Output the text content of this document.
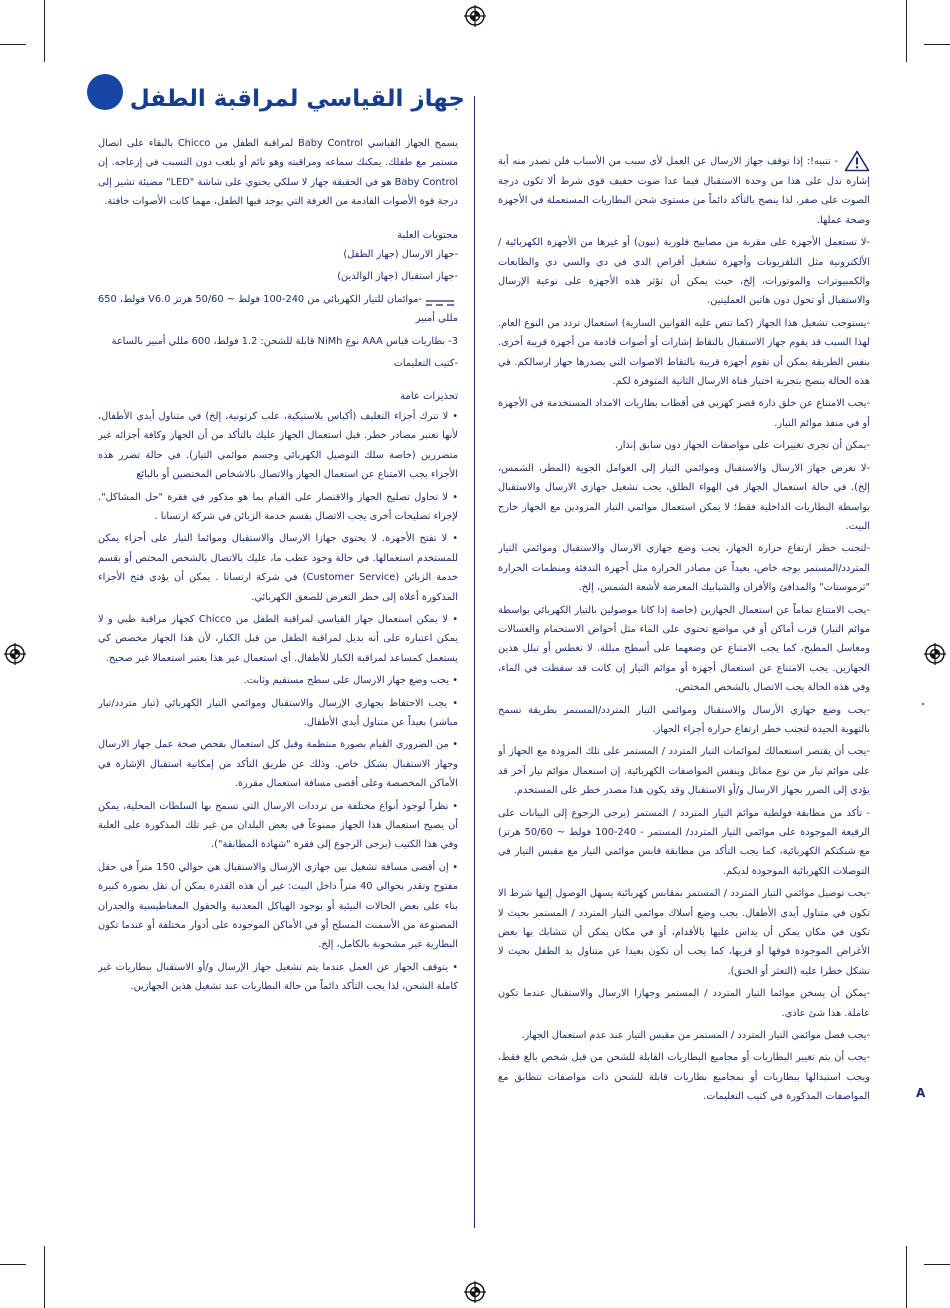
جهاز القياسي لمراقبة الطفل

يسمح الجهاز القياسي Baby Control لمراقبة الطفل من Chicco بالبقاء على اتصال مستمر مع طفلك. يمكنك سماعه ومراقبته وهو نائم أو يلعب دون التسبب في إزعاجه. إن Baby Control هو في الحقيقة جهاز لا سلكي يحتوي على شاشة "LED" مضيئة تشير إلى درجة قوة الأصوات القادمة من الغرفة التي يوجد فيها الطفل، مهما كانت الأصوات خافتة.

محتويات العلبة

-جهاز الارسال (جهاز الطفل)

-جهاز استقبال (جهاز الوالدين)

-موائمان للتيار الكهربائي من 240-100 فولط ~ 50/60 هرتز V6.0 فولط، 650 مللي أمبير

3- بطاريات قياس AAA نوع NiMh قابلة للشحن: 1.2 فولط، 600 مللي أمبير بالساعة

-كتيب التعليمات

تحذيرات عامة

• لا تترك أجزاء التغليف (أكياس بلاستيكية، علب كرتونية، إلخ) في متناول أيدي الأطفال، لأنها تعتبر مصادر خطر. قبل استعمال الجهاز عليك بالتأكد من أن الجهاز وكافة أجزائه غير متضررين (خاصة سلك التوصيل الكهربائي وجسم موائمي التيار). في حالة تضرر هذه الأجزاء يجب الامتناع عن استعمال الجهاز والاتصال بالاشخاص المختصين أو بالبائع

• لا تحاول تصليح الجهاز والاقتصار على القيام بما هو مذكور في فقرة "حل المشاكل". لإجراء تصليحات أخرى يجب الاتصال بقسم خدمة الزبائن في شركة ارتسانا .

• لا تفتح الأجهزة. لا يحتوي جهازا الارسال والاستقبال وموائما التيار على أجزاء يمكن للمستخدم استعمالها. في حالة وجود عطب ما، عليك بالاتصال بالشخص المختص أو بقسم خدمة الزبائن (Customer Service) في شركة ارتسانا . يمكن أن يؤدي فتح الأجزاء المذكورة أعلاه إلى خطر التعرض للصعق الكهربائي.

• لا يمكن استعمال جهاز القياسي لمراقبة الطفل من Chicco كجهاز مراقبة طبي و لا يمكن اعتباره على أنه بديل لمراقبة الطفل من قبل الكبار، لأن هذا الجهاز مخصص كي يستعمل كمساعد لمراقبة الكبار للأطفال. أي استعمال غير هذا يعتبر استعمالا غير صحيح.

• يجب وضع جهاز الارسال على سطح مستقيم وثابت.

• يجب الاحتفاظ بجهازي الإرسال والاستقبال وموائمي التيار الكهربائي (تيار متردد/تيار مباشر) بعيداً عن متناول أيدي الأطفال.

• من الضروري القيام بصورة منتظمة وقبل كل استعمال بفحص صحة عمل جهاز الارسال وجهاز الاستقبال بشكل خاص. وذلك عن طريق التأكد من إمكانية استقبال الإشارة في الأماكن المخصصة وعلى أقصى مسافة استعمال مقررة.

• نظراً لوجود أنواع مختلفة من ترددات الارسال التي تسمح بها السلطات المحلية، يمكن أن يصبح استعمال هذا الجهاز ممنوعاً في بعض البلدان من غير تلك المذكورة على العلبة وفي هذا الكتيب (يرجى الرجوع إلى فقرة "شهادة المطابقة").

• إن أقصى مسافة تشغيل بين جهازي الإرسال والاستقبال هي حوالي 150 متراً في حقل مفتوح وتقدر بحوالي 40 متراً داخل البيت: غير أن هذه القدرة يمكن أن تقل بصورة كبيرة بناء على بعض الحالات البيئية أو بوجود الهياكل المعدنية والحقول المغناطيسية والجدران المصنوعة من الأسمنت المسلح أو في الأماكن الموجودة على أدوار مختلفة أو عندما تكون البطارية غير مشحونة بالكامل، إلخ.

• يتوقف الجهاز عن العمل عندما يتم تشغيل جهاز الإرسال و/أو الاستقبال ببطاريات غير كاملة الشحن، لذا يجب التأكد دائماً من حالة البطاريات عند تشغيل هذين الجهازين.

- تنبيه!: إذا توقف جهاز الارسال عن العمل لأي سبب من الأسباب فلن تصدر منه أية إشارة تدل على هذا من وحدة الاستقبال فيما عدا صوت حفيف قوي شرط ألا تكون درجة الصوت على صفر. لذا ينصح بالتأكد دائماً من مستوى شحن البطاريات المستعملة في الأجهزة وصحة عملها.

-لا تستعمل الأجهزة على مقربة من مصابيح فلورية (نيون) أو غيرها من الأجهزة الكهربائية / الألكترونية مثل التلفزيونات وأجهزة تشغيل أقراص الدي في دي والسي دي والطابعات والكمبيوترات والموتورات، إلخ، حيث يمكن أن تؤثر هذه الأجهزة على نوعية الإرسال والاستقبال أو تحول دون هاتين العمليتين.

-يستوجب تشغيل هذا الجهاز (كما تنص عليه القوانين السارية) استعمال تردد من النوع العام. لهذا السبب قد يقوم جهاز الاستقبال بالتقاط إشارات أو أصوات قادمة من أجهزة قريبة أخرى. بنفس الطريقة يمكن أن تقوم أجهزة قريبة بالتقاط الاصوات التي يصدرها جهاز ارسالكم. في هذه الحالة ينصح بتجربة اختيار قناة الارسال الثانية المتوفرة لكم.

-يجب الامتناع عن خلق دارة قصر كهربي في أقطاب بطاريات الامداد المستخدمة في الأجهزة أو في منفذ موائم التيار.

-يمكن أن تجرى تغييرات على مواصفات الجهاز دون سابق إنذار.

-لا تعرض جهاز الارسال والاستقبال وموائمي التيار إلى العوامل الجوية (المطر، الشمس، إلخ). في حالة استعمال الجهاز في الهواء الطلق، يجب تشغيل جهازي الارسال والاستقبال بواسطة البطاريات الداخلية فقط؛ لا يمكن استعمال موائمي التيار المزودين مع الجهاز خارج البيت.

-لتجنب خطر ارتفاع حرارة الجهاز، يجب وضع جهازي الارسال والاستقبال وموائمي التيار المتردد/المستمر بوجه خاص، بعيداً عن مصادر الحرارة مثل أجهزة التدفئة ومنظمات الحرارة "ثرموستات" والمدافئ والأفران والشبابيك المعرضة لأشعة الشمس، إلخ.

-يجب الامتناع تماماً عن استعمال الجهازين (خاصة إذا كانا موصولين بالتيار الكهربائي بواسطة موائم التيار) قرب أماكن أو في مواضع تحتوي على الماء مثل أحواض الاستحمام والغسالات ومغاسل المطبخ، كما يجب الامتناع عن وضعهما على أسطح مبللة. لا تغطس أو تبلل هذين الجهازين. يجب الامتناع عن استعمال أجهزة أو موائم التيار إن كانت قد سقطت في الماء، وفي هذه الحالة يجب الاتصال بالشخص المختص.

-يجب وضع جهازي الأرسال والاستقبال وموائمي التيار المتردد/المستمر بطريقة تسمح بالتهوية الجيدة لتجنب خطر ارتفاع حرارة أجزاء الجهاز.

-يجب أن يقتصر استعمالك لموائمات التيار المتردد / المستمر على تلك المزودة مع الجهاز أو على موائم تيار من نوع مماثل وبنفس المواصفات الكهربائية. إن استعمال موائم تيار آخر قد يؤدي إلى الضرر بجهاز الارسال و/أو الاستقبال وقد يكون هذا مصدر خطر على المستخدم.

- تأكد من مطابقة فولطية موائم التيار المتردد / المستمر (يرجى الرجوع إلى البيانات على الرقيعة الموجودة على موائمي التيار المتردد/ المستمر - 240-100 فولط ~ 50/60 هرتز) مع شبكتكم الكهربائية، كما يجب التأكد من مطابقة قابس موائمي التيار مع مقبس التيار في التوصلات الكهربائية الموجودة لديكم.

-يجب توصيل موائمي التيار المتردد / المستمر بمقابس كهربائية يسهل الوصول إليها شرط الا تكون في متناول أيدي الأطفال. يجب وضع أسلاك موائمي التيار المتردد / المستمر بحيث لا تكون في مكان يمكن أن يداس عليها بالأقدام، أو في مكان يمكن أن تتشابك بها بعض الأغراض الموجودة فوقها أو قربها، كما يجب أن تكون بعيدا عن متناول يد الطفل بحيث لا تشكل خطرا عليه (التعثر أو الخنق).

-يمكن أن يسخن موائما التيار المتردد / المستمر وجهازا الارسال والاستقبال عندما تكون عاملة. هذا شئ عادي.

-يجب فصل موائمي التيار المتردد / المستمر من مقبس التيار عند عدم استعمال الجهاز.

-يجب أن يتم تغيير البطاريات أو مجاميع البطاريات القابلة للشحن من قبل شخص بالغ فقط، ويجب استبدالها ببطاريات أو بمجاميع بطاريات قابلة للشحن ذات مواصفات تتطابق مع المواصفات المذكورة في كتيب التعليمات.	A
